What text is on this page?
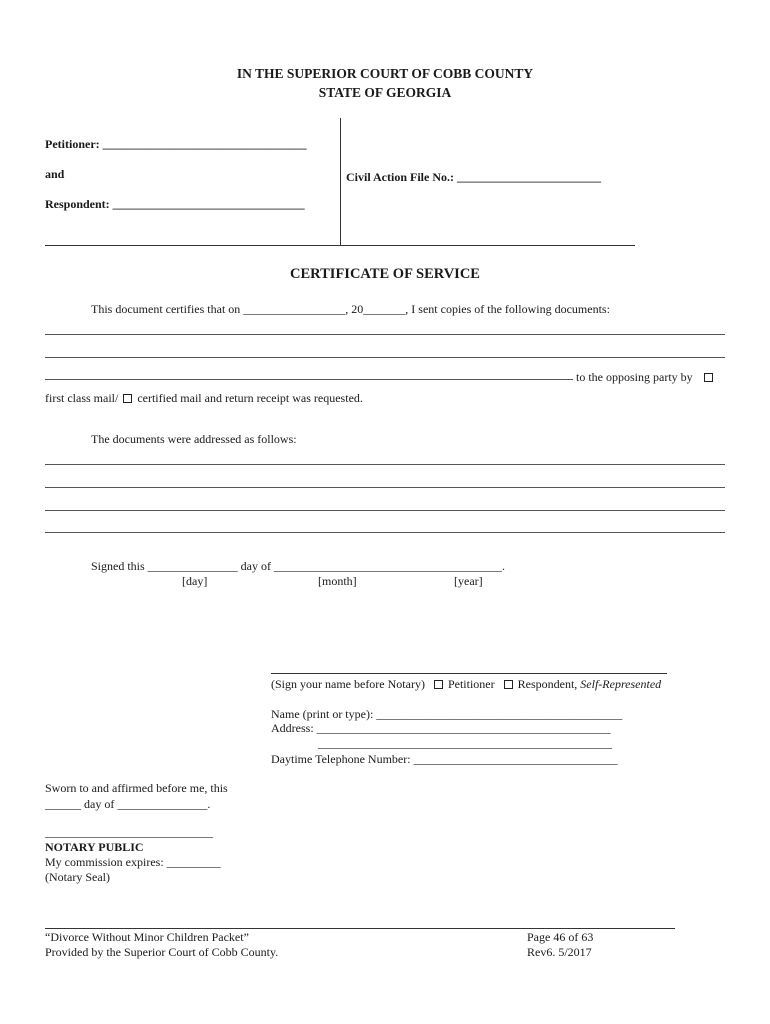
IN THE SUPERIOR COURT OF COBB COUNTY
STATE OF GEORGIA
Petitioner: __________________________________
and
Respondent: ________________________________
Civil Action File No.: ________________________
CERTIFICATE OF SERVICE
This document certifies that on _________________, 20_______, I sent copies of the following documents:
to the opposing party by
first class mail/ certified mail and return receipt was requested.
The documents were addressed as follows:
Signed this _______________ day of ______________________________________.
[day]	[month]	[year]
(Sign your name before Notary) Petitioner Respondent, Self-Represented
Name (print or type): _________________________________________
Address: _________________________________________________
_________________________________________________
Daytime Telephone Number: __________________________________
Sworn to and affirmed before me, this
______ day of _______________.
____________________________
NOTARY PUBLIC
My commission expires: _________
(Notary Seal)
“Divorce Without Minor Children Packet”
Provided by the Superior Court of Cobb County.
Page 46 of 63
Rev6. 5/2017
